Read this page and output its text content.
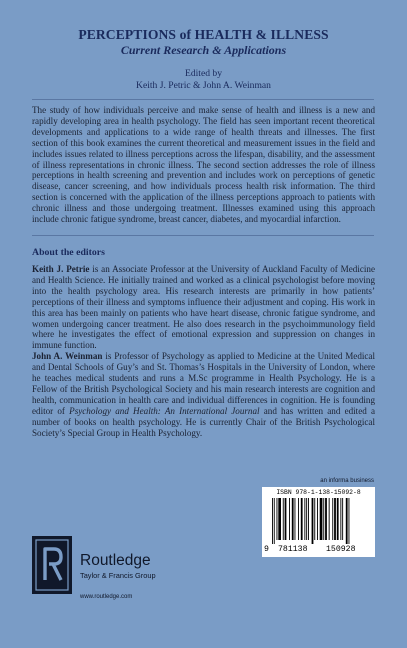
PERCEPTIONS of HEALTH & ILLNESS
Current Research & Applications
Edited by
Keith J. Petric & John A. Weinman
The study of how individuals perceive and make sense of health and illness is a new and rapidly developing area in health psychology. The field has seen important recent theoretical developments and applications to a wide range of health threats and illnesses. The first section of this book examines the current theoretical and measurement issues in the field and includes issues related to illness perceptions across the lifespan, disability, and the assessment of illness representations in chronic illness. The second section addresses the role of illness perceptions in health screening and prevention and includes work on perceptions of genetic disease, cancer screening, and how individuals process health risk information. The third section is concerned with the application of the illness perceptions approach to patients with chronic illness and those undergoing treatment. Illnesses examined using this approach include chronic fatigue syndrome, breast cancer, diabetes, and myocardial infarction.
About the editors

Keith J. Petrie is an Associate Professor at the University of Auckland Faculty of Medicine and Health Science. He initially trained and worked as a clinical psychologist before moving into the health psychology area. His research interests are primarily in how patients’ perceptions of their illness and symptoms influence their adjustment and coping. His work in this area has been mainly on patients who have heart disease, chronic fatigue syndrome, and women undergoing cancer treatment. He also does research in the psychoimmunology field where he investigates the effect of emotional expression and suppression on changes in immune function.

John A. Weinman is Professor of Psychology as applied to Medicine at the United Medical and Dental Schools of Guy’s and St. Thomas’s Hospitals in the University of London, where he teaches medical students and runs a M.Sc programme in Health Psychology. He is a Fellow of the British Psychological Society and his main research interests are cognition and health, communication in health care and individual differences in cognition. He is founding editor of Psychology and Health: An International Journal and has written and edited a number of books on health psychology. He is currently Chair of the British Psychological Society’s Special Group in Health Psychology.

Routledge
Taylor & Francis Group
www.routledge.com
an informa business
ISBN 978-1-138-15092-8
9 781138 150928
